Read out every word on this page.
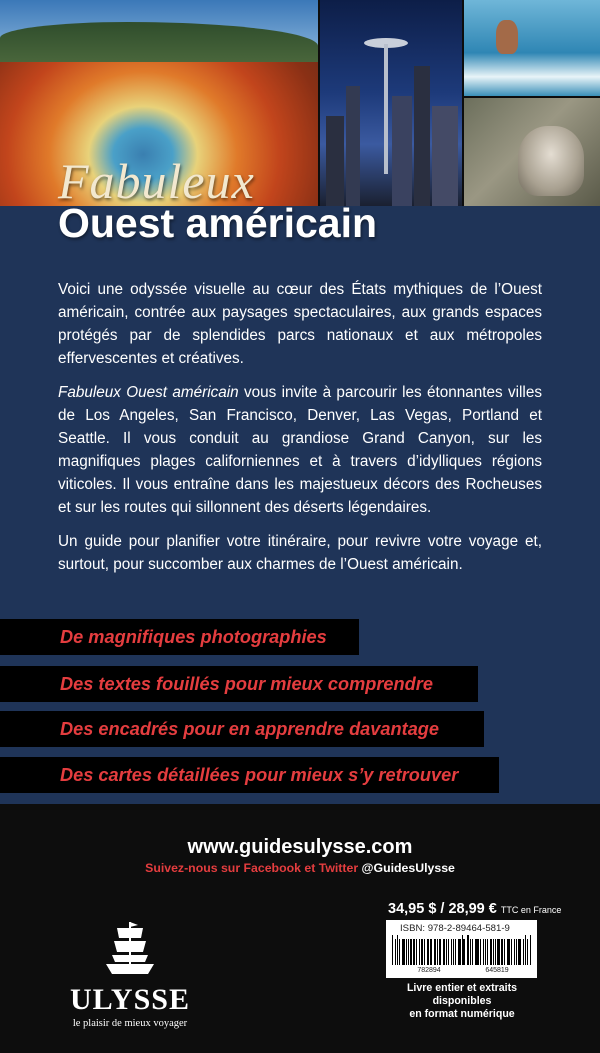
Fabuleux
Ouest américain

Voici une odyssée visuelle au cœur des États mythiques de l’Ouest américain, contrée aux paysages spectaculaires, aux grands espaces protégés par de splendides parcs nationaux et aux métropoles effervescentes et créatives.

Fabuleux Ouest américain vous invite à parcourir les étonnantes villes de Los Angeles, San Francisco, Denver, Las Vegas, Portland et Seattle. Il vous conduit au grandiose Grand Canyon, sur les magnifiques plages californiennes et à travers d’idylliques régions viticoles. Il vous entraîne dans les majestueux décors des Rocheuses et sur les routes qui sillonnent des déserts légendaires.

Un guide pour planifier votre itinéraire, pour revivre votre voyage et, surtout, pour succomber aux charmes de l’Ouest américain.

De magnifiques photographies
Des textes fouillés pour mieux comprendre
Des encadrés pour en apprendre davantage
Des cartes détaillées pour mieux s’y retrouver
www.guidesulysse.com
Suivez-nous sur Facebook et Twitter @GuidesUlysse
ULYSSE
le plaisir de mieux voyager
34,95 $ / 28,99 € TTC en France
ISBN: 978-2-89464-581-9
782894	645819
Livre entier et extraits disponibles
en format numérique
